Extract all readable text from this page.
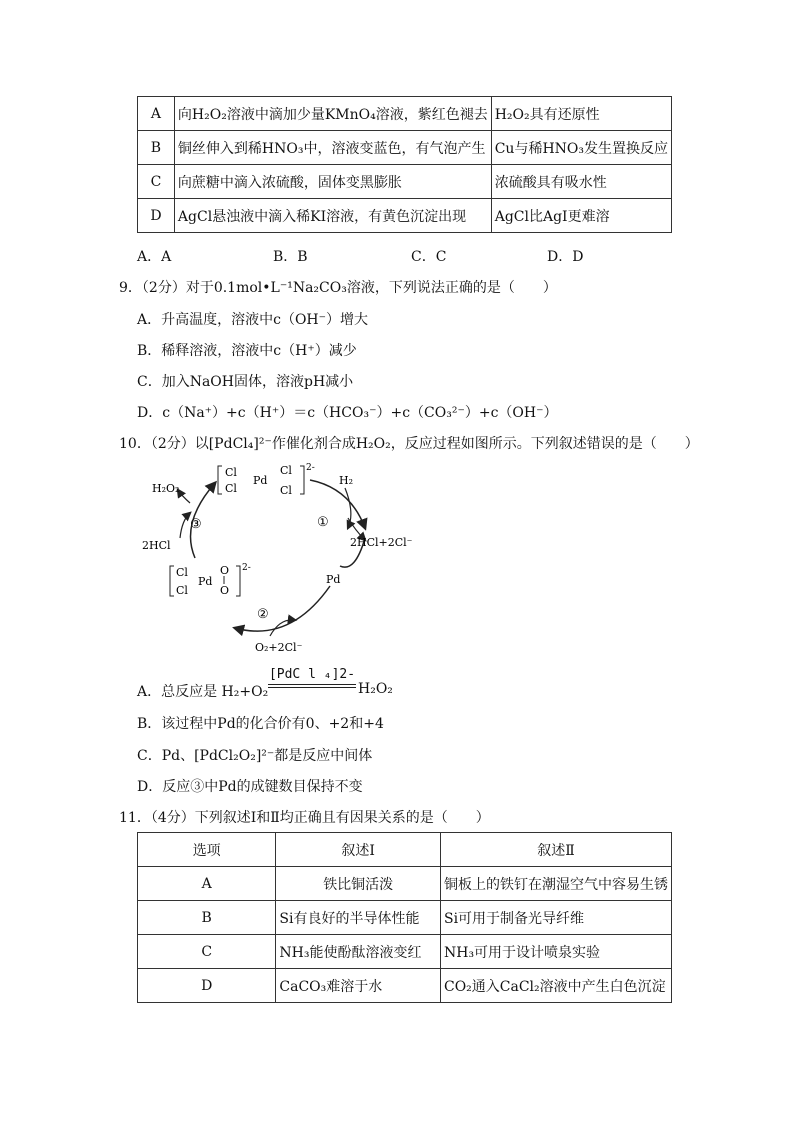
A	向H₂O₂溶液中滴加少量KMnO₄溶液，紫红色褪去	H₂O₂具有还原性
B	铜丝伸入到稀HNO₃中，溶液变蓝色，有气泡产生	Cu与稀HNO₃发生置换反应
C	向蔗糖中滴入浓硫酸，固体变黑膨胀	浓硫酸具有吸水性
D	AgCl悬浊液中滴入稀KI溶液，有黄色沉淀出现	AgCl比AgI更难溶
A．A	B．B	C．C	D．D
9．（2分）对于0.1mol•L⁻¹Na₂CO₃溶液，下列说法正确的是（　　）
A．升高温度，溶液中c（OH⁻）增大
B．稀释溶液，溶液中c（H⁺）减少
C．加入NaOH固体，溶液pH减小
D．c（Na⁺）+c（H⁺）＝c（HCO₃⁻）+c（CO₃²⁻）+c（OH⁻）
10．（2分）以[PdCl₄]²⁻作催化剂合成H₂O₂，反应过程如图所示。下列叙述错误的是（　　）
Cl
Cl
Pd
Cl
Cl
2-
Cl
Cl
Pd
O
O
2-
H₂
①
2HCl+2Cl⁻
Pd
②
O₂+2Cl⁻
③
2HCl
H₂O₂
A．总反应是 H₂+O₂
[PdC l ₄]2-
H₂O₂
B．该过程中Pd的化合价有0、+2和+4
C．Pd、[PdCl₂O₂]²⁻都是反应中间体
D．反应③中Pd的成键数目保持不变
11．（4分）下列叙述Ⅰ和Ⅱ均正确且有因果关系的是（　　）
选项	叙述Ⅰ	叙述Ⅱ
A	铁比铜活泼	铜板上的铁钉在潮湿空气中容易生锈
B	Si有良好的半导体性能	Si可用于制备光导纤维
C	NH₃能使酚酞溶液变红	NH₃可用于设计喷泉实验
D	CaCO₃难溶于水	CO₂通入CaCl₂溶液中产生白色沉淀
